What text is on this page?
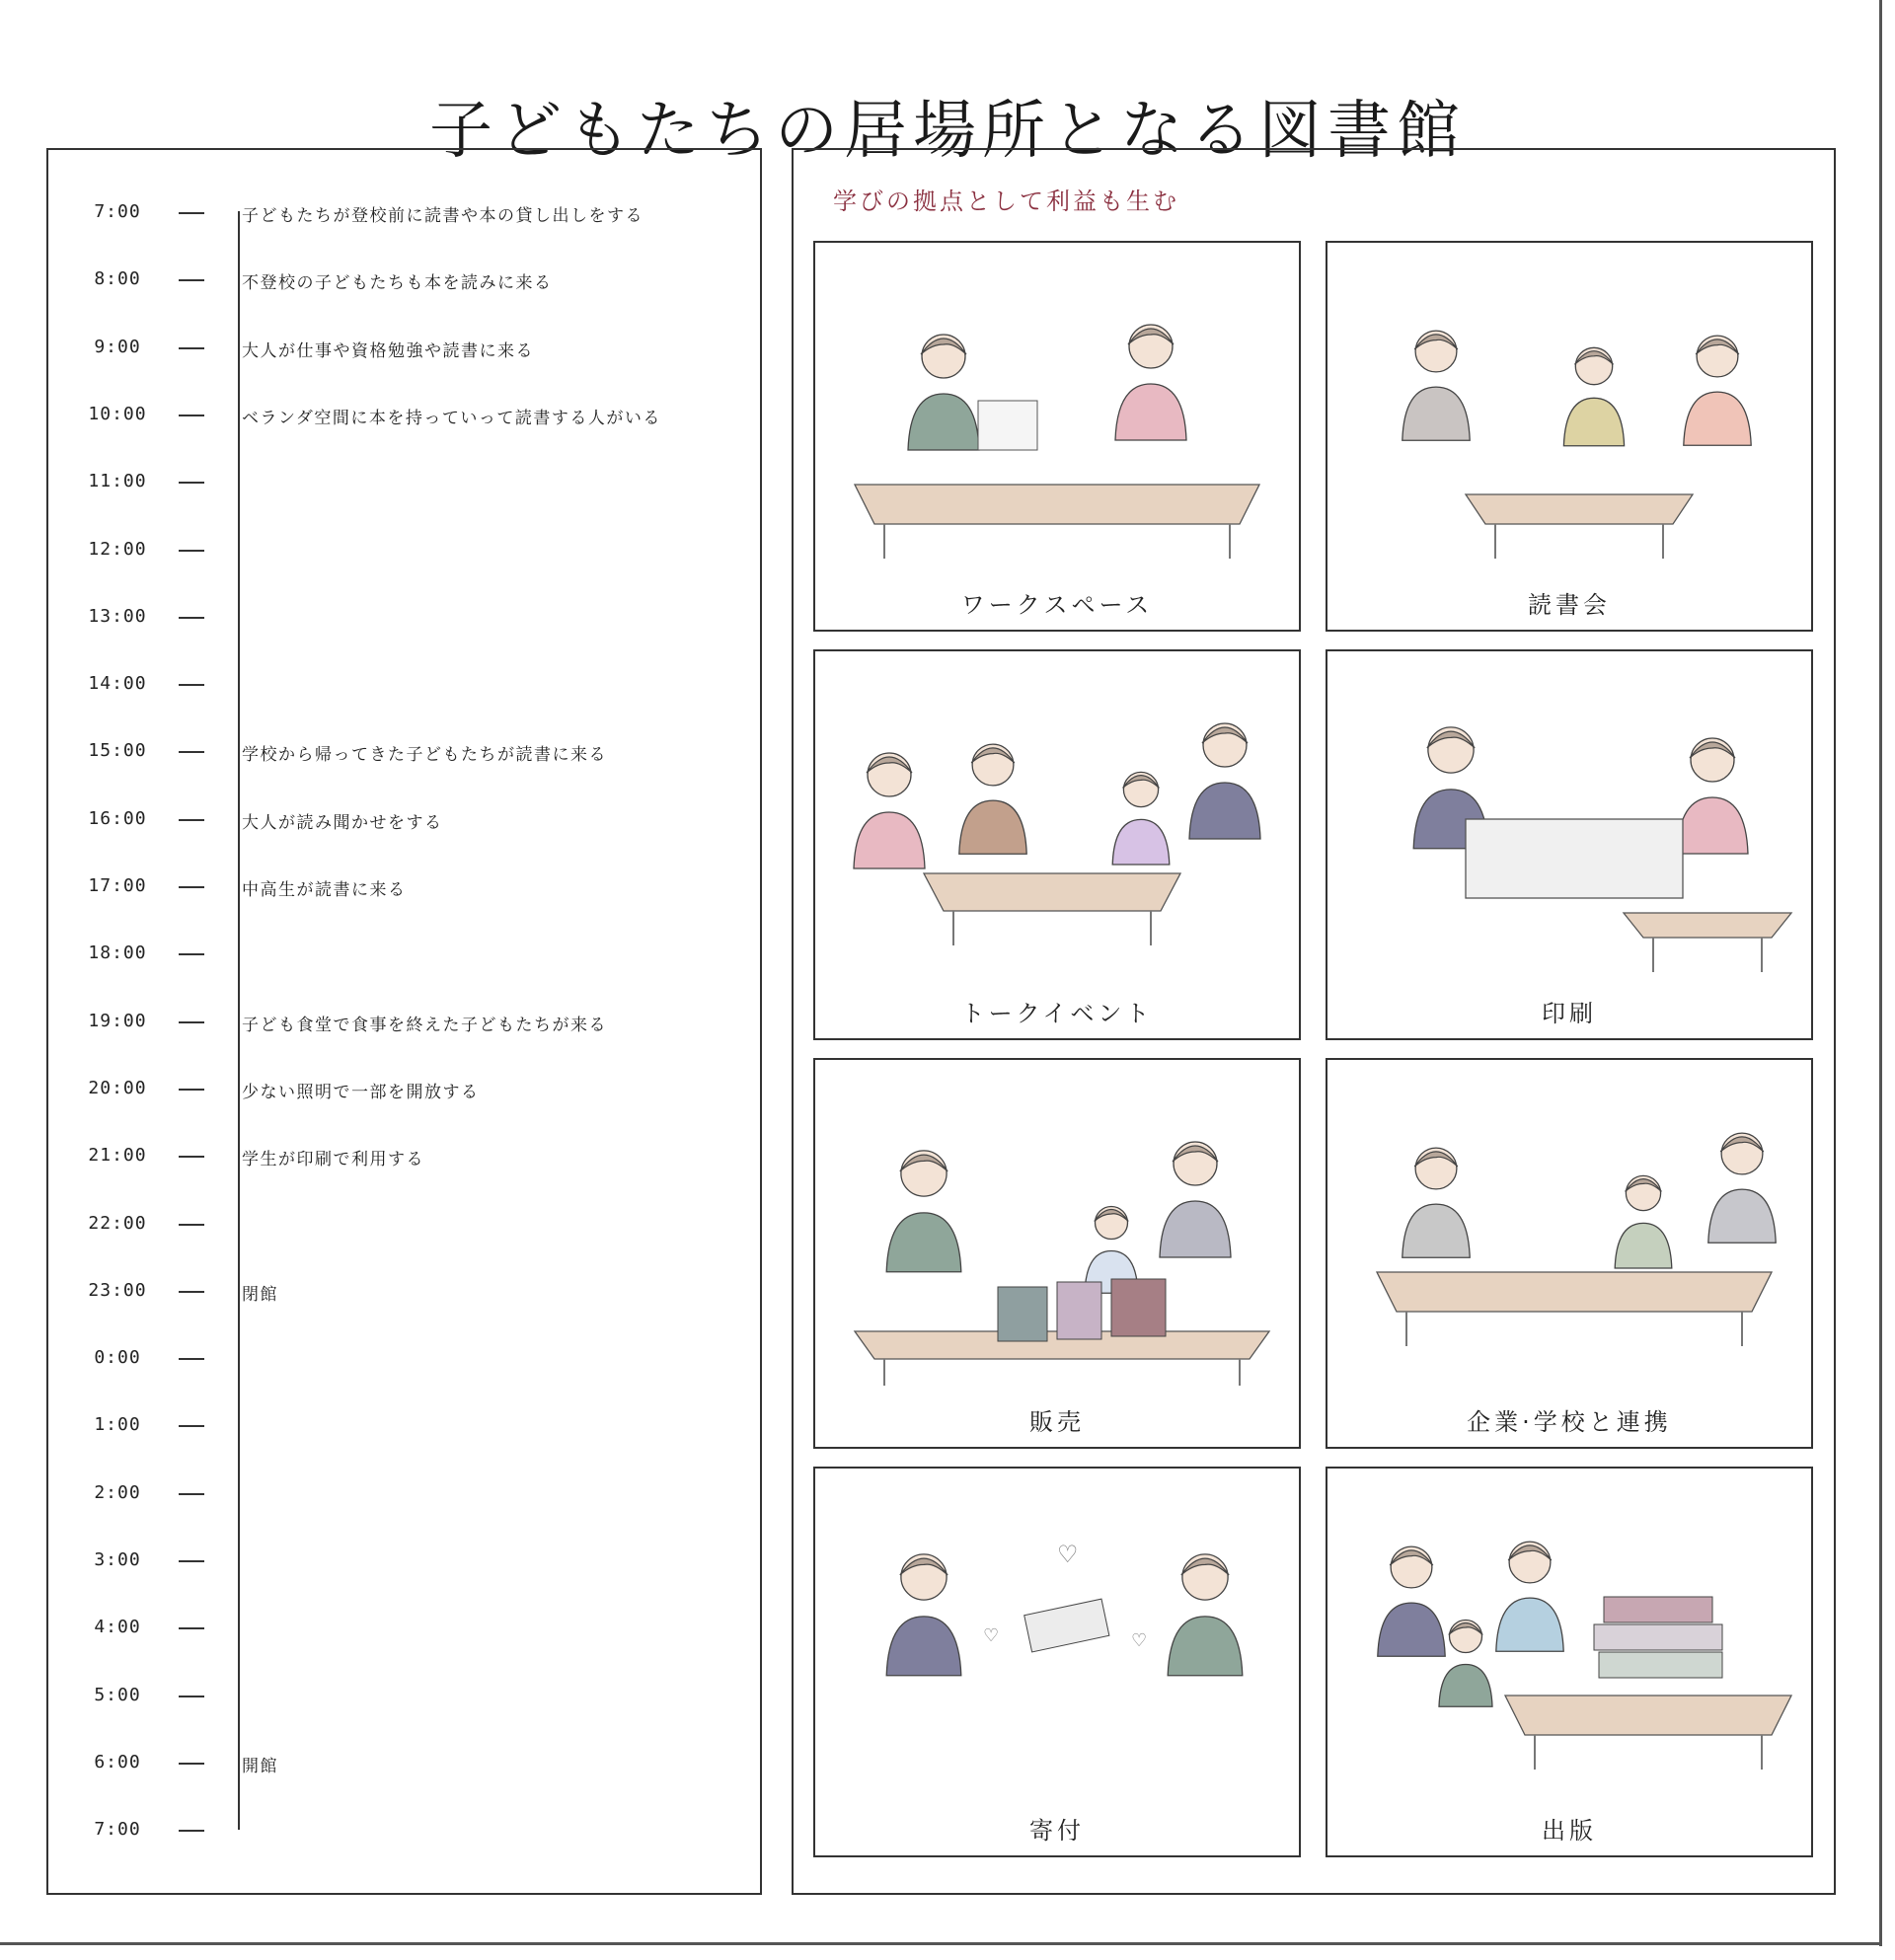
子どもたちの居場所となる図書館
7:00	子どもたちが登校前に読書や本の貸し出しをする
8:00	不登校の子どもたちも本を読みに来る
9:00	大人が仕事や資格勉強や読書に来る
10:00	ベランダ空間に本を持っていって読書する人がいる
11:00
12:00
13:00
14:00
15:00	学校から帰ってきた子どもたちが読書に来る
16:00	大人が読み聞かせをする
17:00	中高生が読書に来る
18:00
19:00	子ども食堂で食事を終えた子どもたちが来る
20:00	少ない照明で一部を開放する
21:00	学生が印刷で利用する
22:00
23:00	閉館
0:00
1:00
2:00
3:00
4:00
5:00
6:00	開館
7:00
学びの拠点として利益も生む
ワークスペース	読書会
トークイベント	印刷
販売	企業·学校と連携
♡
♡	♡
寄付	出版
